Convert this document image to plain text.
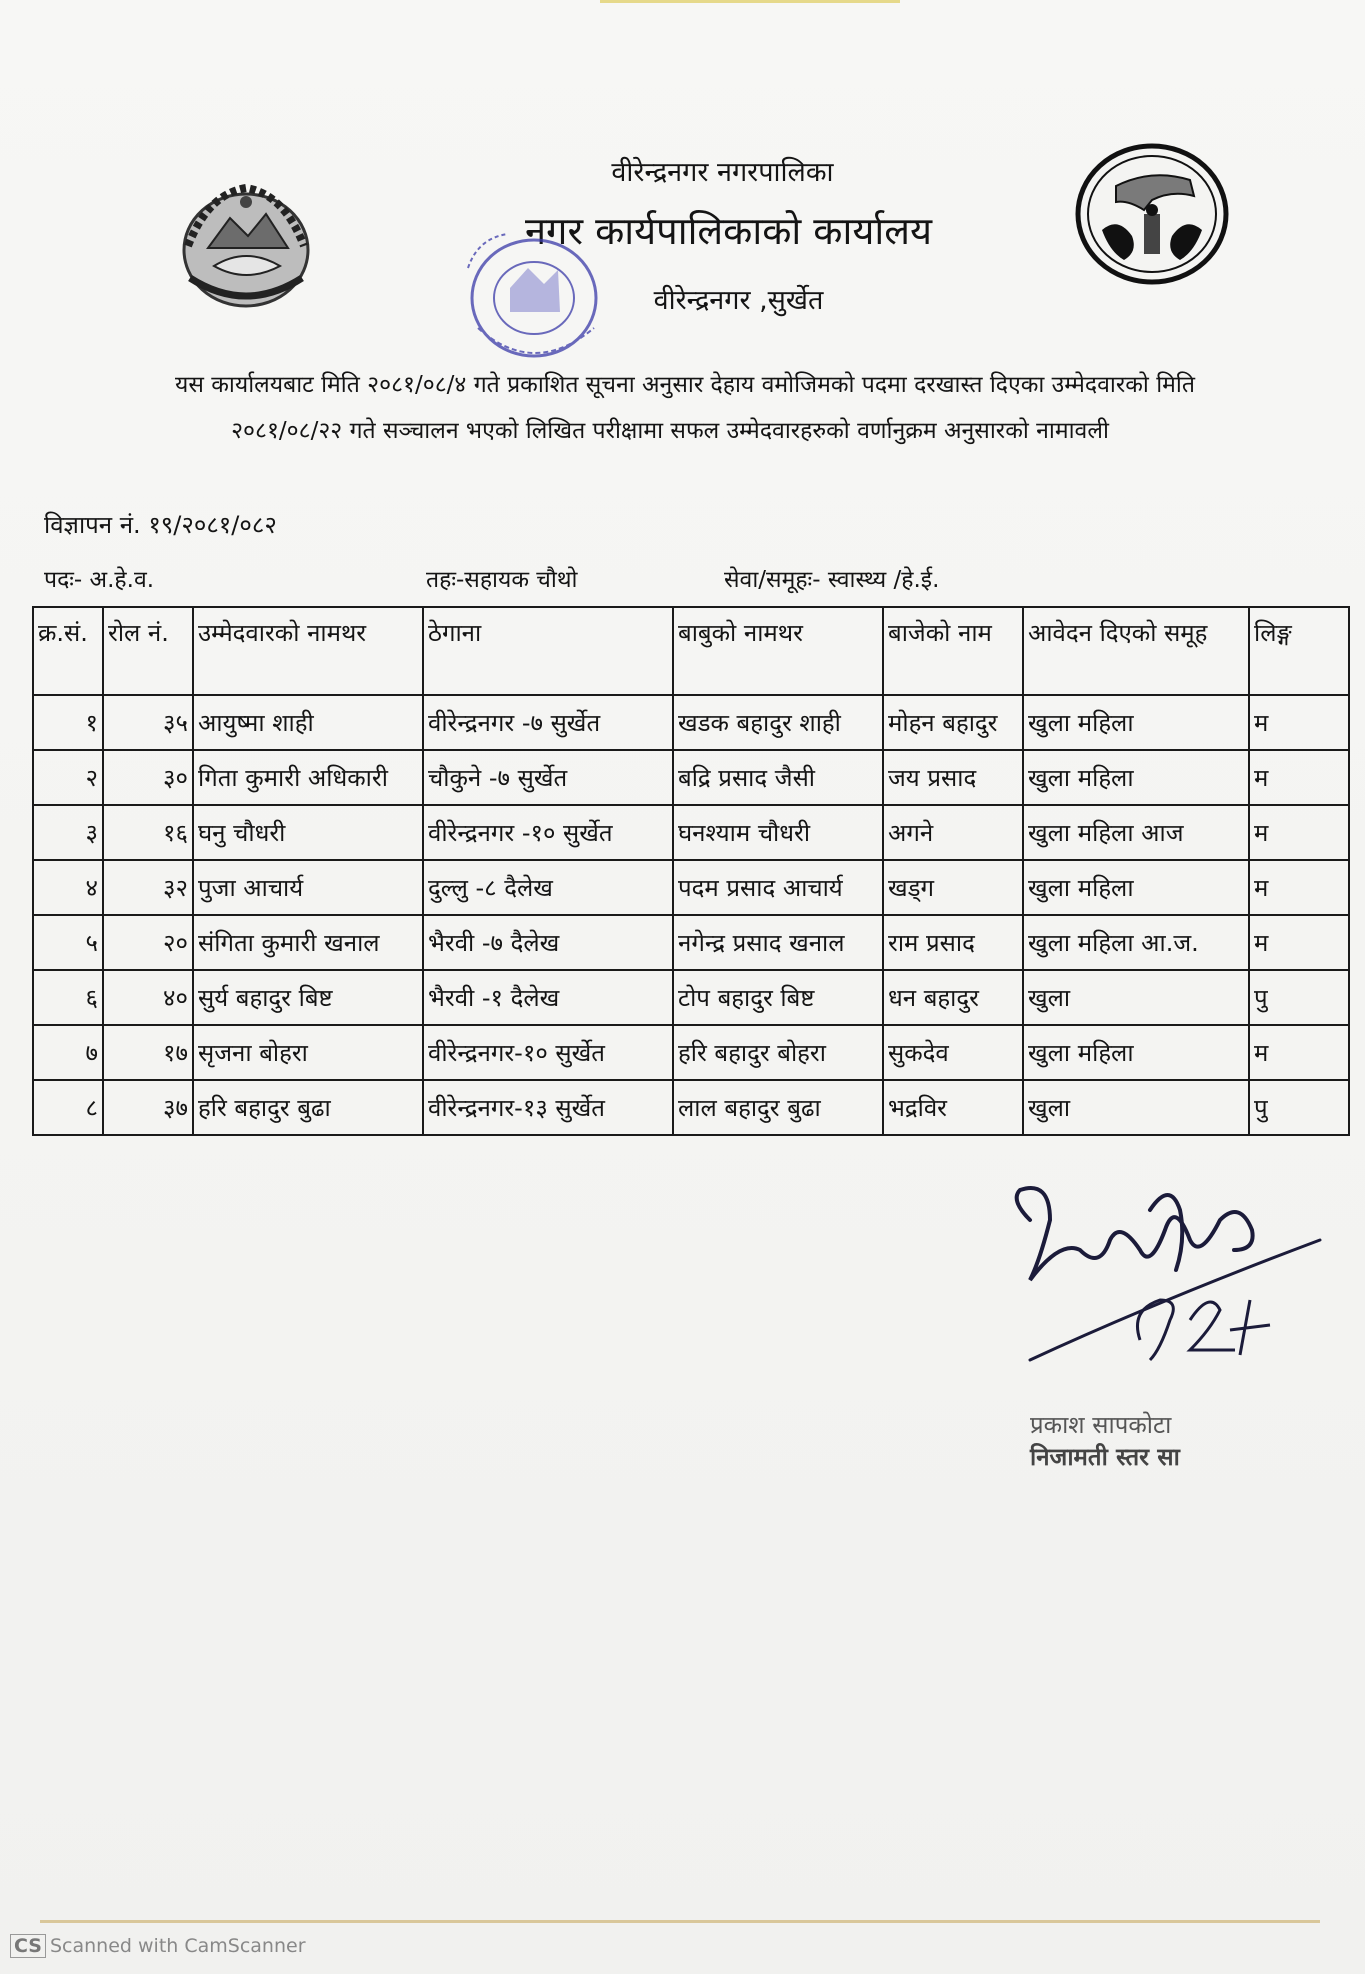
वीरेन्द्रनगर नगरपालिका
नगर कार्यपालिकाको कार्यालय
वीरेन्द्रनगर ,सुर्खेत
यस कार्यालयबाट मिति २०८१/०८/४ गते प्रकाशित सूचना अनुसार देहाय वमोजिमको पदमा दरखास्त दिएका उम्मेदवारको मिति
२०८१/०८/२२ गते सञ्चालन भएको लिखित परीक्षामा सफल उम्मेदवारहरुको वर्णानुक्रम अनुसारको नामावली
विज्ञापन नं. १९/२०८१/०८२
पदः- अ.हे.व.	तहः-सहायक चौथो	सेवा/समूहः- स्वास्थ्य /हे.ई.
क्र.सं.	रोल नं.	उम्मेदवारको नामथर	ठेगाना	बाबुको नामथर	बाजेको नाम	आवेदन दिएको समूह	लिङ्ग
१	३५	आयुष्मा शाही	वीरेन्द्रनगर -७ सुर्खेत	खडक बहादुर शाही	मोहन बहादुर	खुला महिला	म
२	३०	गिता कुमारी अधिकारी	चौकुने -७ सुर्खेत	बद्रि प्रसाद जैसी	जय प्रसाद	खुला महिला	म
३	१६	घनु चौधरी	वीरेन्द्रनगर -१० सुर्खेत	घनश्याम चौधरी	अगने	खुला महिला आज	म
४	३२	पुजा आचार्य	दुल्लु -८ दैलेख	पदम प्रसाद आचार्य	खड्ग	खुला महिला	म
५	२०	संगिता कुमारी खनाल	भैरवी -७ दैलेख	नगेन्द्र प्रसाद खनाल	राम प्रसाद	खुला महिला आ.ज.	म
६	४०	सुर्य बहादुर बिष्ट	भैरवी -१ दैलेख	टोप बहादुर बिष्ट	धन बहादुर	खुला	पु
७	१७	सृजना बोहरा	वीरेन्द्रनगर-१० सुर्खेत	हरि बहादुर बोहरा	सुकदेव	खुला महिला	म
८	३७	हरि बहादुर बुढा	वीरेन्द्रनगर-१३ सुर्खेत	लाल बहादुर बुढा	भद्रविर	खुला	पु
प्रकाश सापकोटा
निजामती स्तर सा
CS Scanned with CamScanner
